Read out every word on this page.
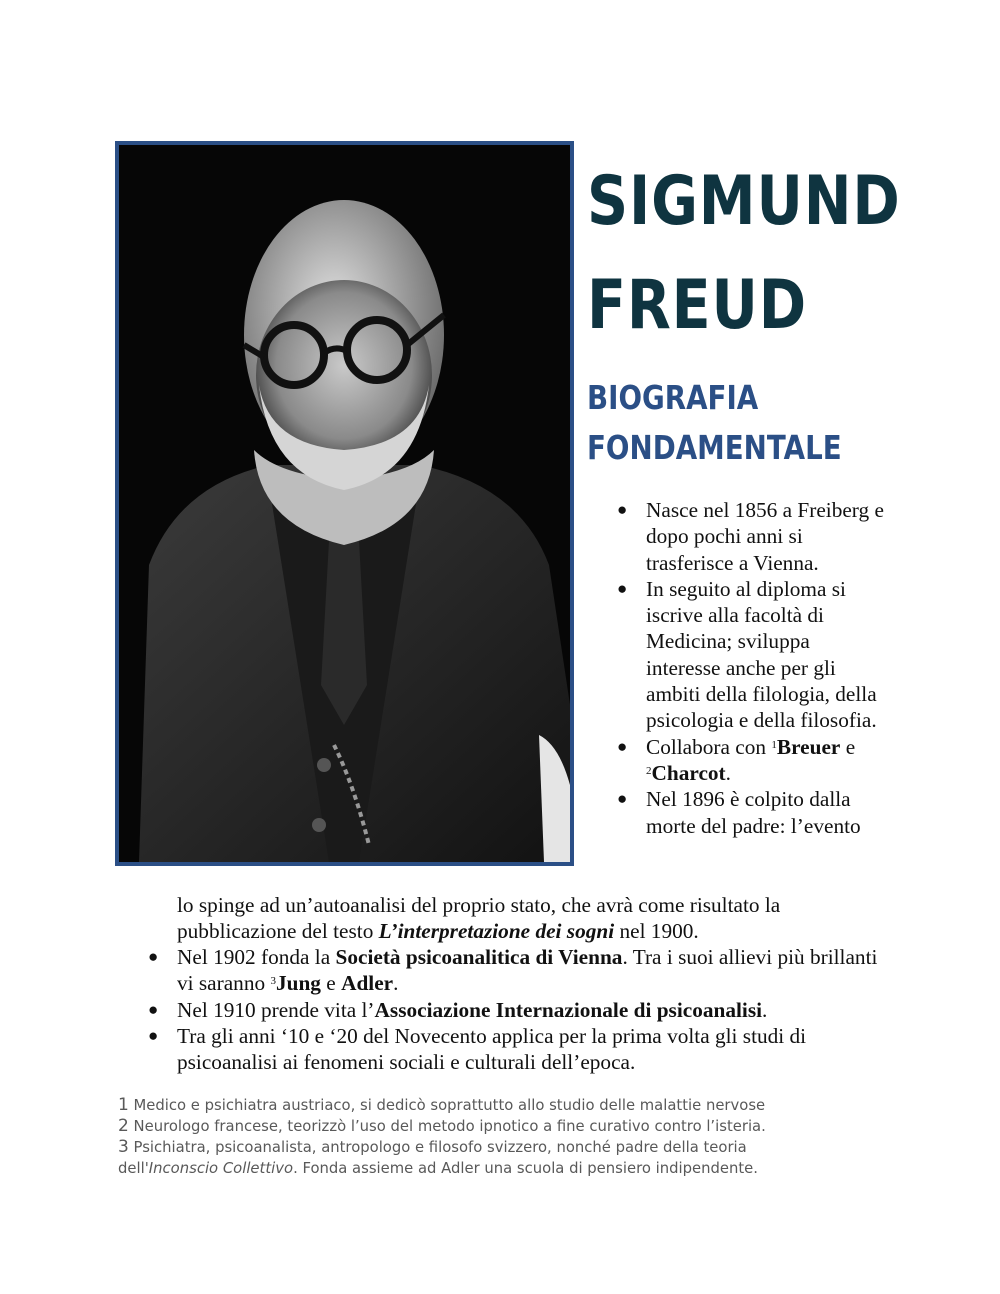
SIGMUND
FREUD
BIOGRAFIA
FONDAMENTALE
● Nasce nel 1856 a Freiberg e dopo pochi anni si trasferisce a Vienna.
● In seguito al diploma si iscrive alla facoltà di Medicina; sviluppa interesse anche per gli ambiti della filologia, della psicologia e della filosofia.
● Collabora con $^1$Breuer e $^2$Charcot.
● Nel 1896 è colpito dalla morte del padre: l’evento
lo spinge ad un’autoanalisi del proprio stato, che avrà come risultato la pubblicazione del testo L’interpretazione dei sogni nel 1900.
● Nel 1902 fonda la Società psicoanalitica di Vienna. Tra i suoi allievi più brillanti vi saranno $^3$Jung e Adler.
● Nel 1910 prende vita l’Associazione Internazionale di psicoanalisi.
● Tra gli anni ‘10 e ‘20 del Novecento applica per la prima volta gli studi di psicoanalisi ai fenomeni sociali e culturali dell’epoca.
1 Medico e psichiatra austriaco, si dedicò soprattutto allo studio delle malattie nervose
2 Neurologo francese, teorizzò l’uso del metodo ipnotico a fine curativo contro l’isteria.
3 Psichiatra, psicoanalista, antropologo e filosofo svizzero, nonché padre della teoria
dell'Inconscio Collettivo. Fonda assieme ad Adler una scuola di pensiero indipendente.
